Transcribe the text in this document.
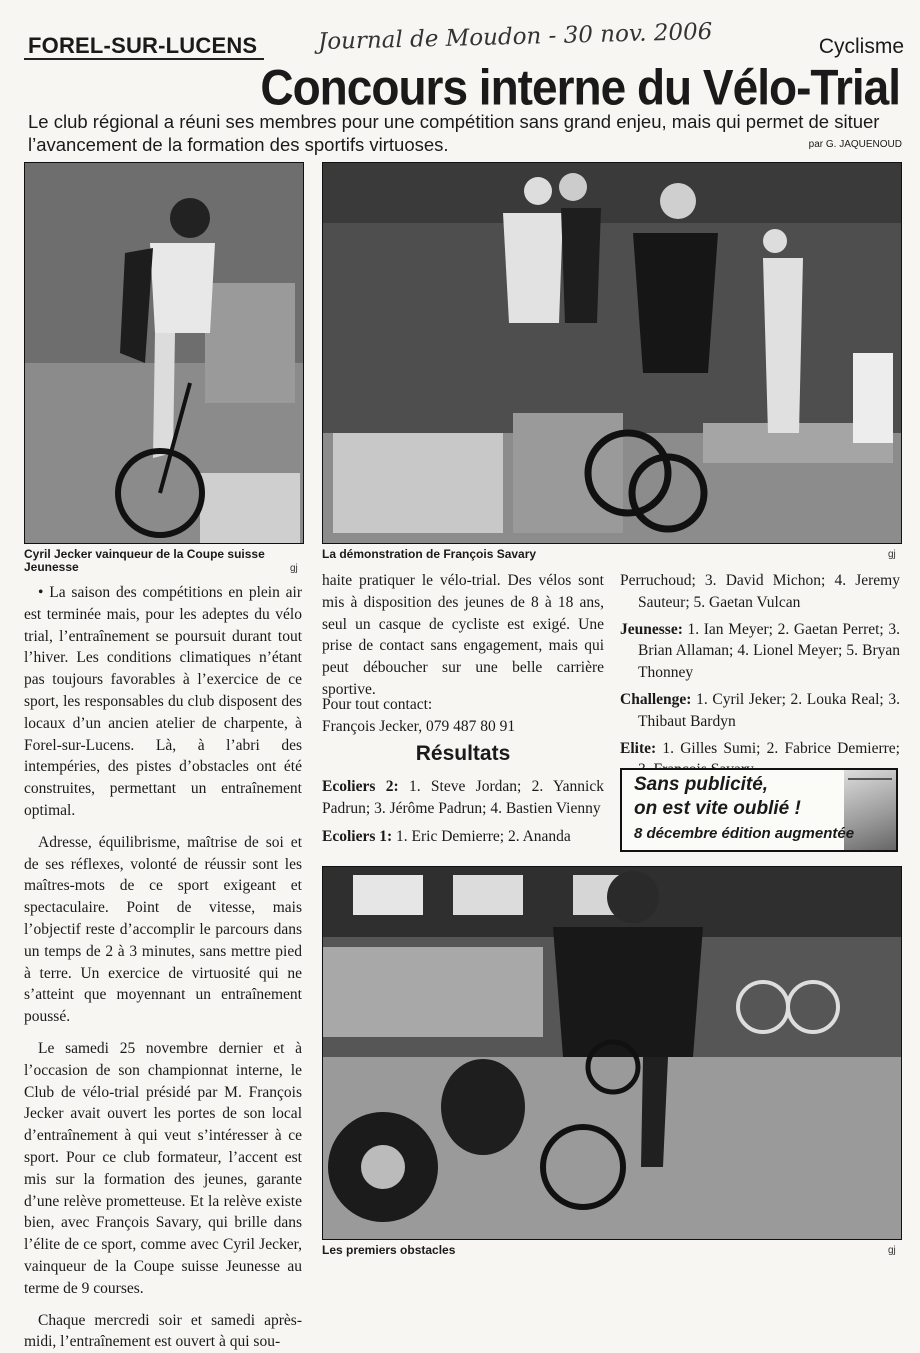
FOREL-SUR-LUCENS	Journal de Moudon - 30 nov. 2006	Cyclisme
Concours interne du Vélo-Trial
Le club régional a réuni ses membres pour une compétition sans grand enjeu, mais qui permet de situer l’avancement de la formation des sportifs virtuoses.	par G. JAQUENOUD
Cyril Jecker vainqueur de la Coupe suisse Jeunesse	gj
La démonstration de François Savary	gj

• La saison des compétitions en plein air est terminée mais, pour les adeptes du vélo trial, l’entraînement se poursuit durant tout l’hiver. Les conditions climatiques n’étant pas toujours favorables à l’exercice de ce sport, les responsables du club disposent des locaux d’un ancien atelier de charpente, à Forel-sur-Lucens. Là, à l’abri des intempéries, des pistes d’obstacles ont été construites, permettant un entraînement optimal.

Adresse, équilibrisme, maîtrise de soi et de ses réflexes, volonté de réussir sont les maîtres-mots de ce sport exigeant et spectaculaire. Point de vitesse, mais l’objectif reste d’accomplir le parcours dans un temps de 2 à 3 minutes, sans mettre pied à terre. Un exercice de virtuosité qui ne s’atteint que moyennant un entraînement poussé.

Le samedi 25 novembre dernier et à l’occasion de son championnat interne, le Club de vélo-trial présidé par M. François Jecker avait ouvert les portes de son local d’entraînement à qui veut s’intéresser à ce sport. Pour ce club formateur, l’accent est mis sur la formation des jeunes, garante d’une relève prometteuse. Et la relève existe bien, avec François Savary, qui brille dans l’élite de ce sport, comme avec Cyril Jecker, vainqueur de la Coupe suisse Jeunesse au terme de 9 courses.

Chaque mercredi soir et samedi après-midi, l’entraînement est ouvert à qui sou-

haite pratiquer le vélo-trial. Des vélos sont mis à disposition des jeunes de 8 à 18 ans, seul un casque de cycliste est exigé. Une prise de contact sans engagement, mais qui peut déboucher sur une belle carrière sportive.

Pour tout contact:
François Jecker, 079 487 80 91
Résultats

Ecoliers 2: 1. Steve Jordan; 2. Yannick Padrun; 3. Jérôme Padrun; 4. Bastien Vienny

Ecoliers 1: 1. Eric Demierre; 2. Ananda

Perruchoud; 3. David Michon; 4. Jeremy Sauteur; 5. Gaetan Vulcan

Jeunesse: 1. Ian Meyer; 2. Gaetan Perret; 3. Brian Allaman; 4. Lionel Meyer; 5. Bryan Thonney

Challenge: 1. Cyril Jeker; 2. Louka Real; 3. Thibaut Bardyn

Elite: 1. Gilles Sumi; 2. Fabrice Demierre;

Sans publicité,
on est vite oublié !
8 décembre édition augmentée
Les premiers obstacles	gj
